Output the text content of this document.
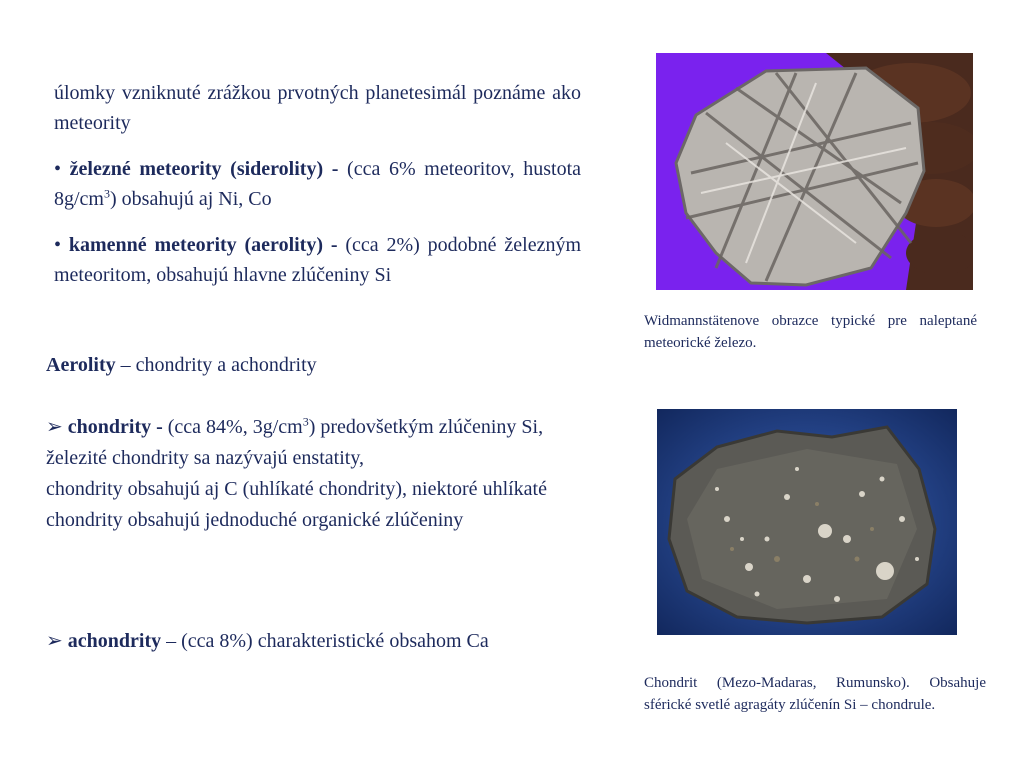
úlomky vzniknuté zrážkou prvotných planetesimál poznáme ako meteority
• železné meteority (siderolity) - (cca 6% meteoritov, hustota $8g/cm^3$) obsahujú aj Ni, Co
• kamenné meteority (aerolity) - (cca 2%) podobné železným meteoritom, obsahujú hlavne zlúčeniny Si
Aerolity – chondrity a achondrity
➢ chondrity - (cca 84%, $3g/cm^3$) predovšetkým zlúčeniny Si,
železité chondrity sa nazývajú enstatity,
chondrity obsahujú aj C (uhlíkaté chondrity), niektoré uhlíkaté chondrity obsahujú jednoduché organické zlúčeniny
➢ achondrity – (cca 8%) charakteristické obsahom Ca
Widmannstätenove obrazce typické pre naleptané meteorické železo.
Chondrit (Mezo-Madaras, Rumunsko). Obsahuje sférické svetlé agragáty zlúčenín Si – chondrule.
